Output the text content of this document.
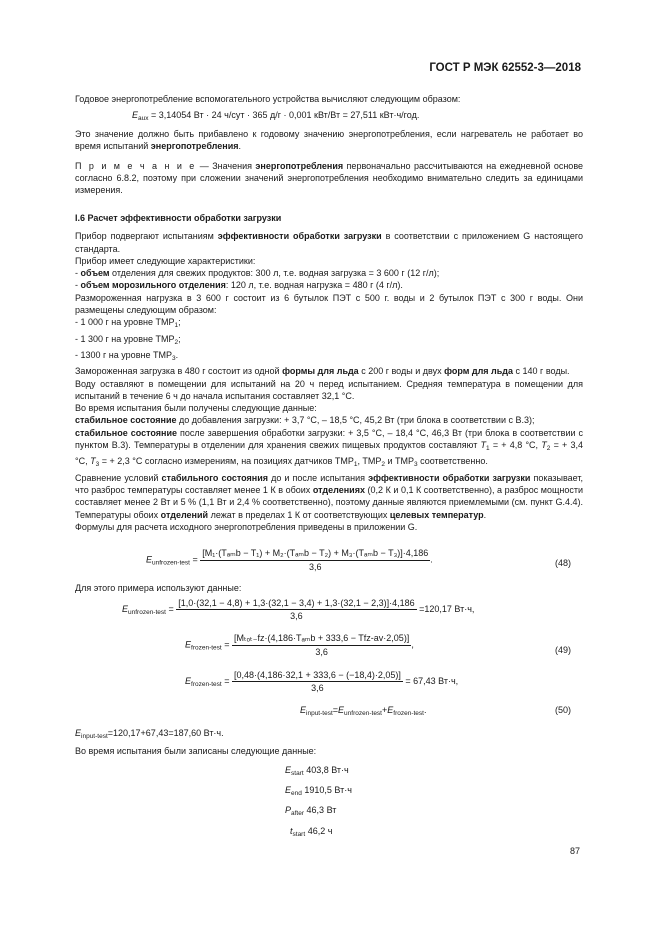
ГОСТ Р МЭК 62552-3—2018

Годовое энергопотребление вспомогательного устройства вычисляют следующим образом:

$E_{aux} = 3,14054$ Вт · 24 ч/сут · 365 д/г · 0,001 кВт/Вт = 27,511 кВт·ч/год.

Это значение должно быть прибавлено к годовому значению энергопотребления, если нагреватель не работает во время испытаний энергопотребления.

П р и м е ч а н и е — Значения энергопотребления первоначально рассчитываются на ежедневной основе согласно 6.8.2, поэтому при сложении значений энергопотребления необходимо внимательно следить за единицами измерения.

I.6 Расчет эффективности обработки загрузки

Прибор подвергают испытаниям эффективности обработки загрузки в соответствии с приложением G настоящего стандарта.

Прибор имеет следующие характеристики:

- объем отделения для свежих продуктов: 300 л, т.е. водная загрузка = 3 600 г (12 г/л);

- объем морозильного отделения: 120 л, т.е. водная нагрузка = 480 г (4 г/л).

Размороженная нагрузка в 3 600 г состоит из 6 бутылок ПЭТ с 500 г. воды и 2 бутылок ПЭТ с 300 г воды. Они размещены следующим образом:

- 1 000 г на уровне $TMP_1$;

- 1 300 г на уровне $TMP_2$;

- 1300 г на уровне $TMP_3$.

Замороженная загрузка в 480 г состоит из одной формы для льда с 200 г воды и двух форм для льда с 140 г воды.

Воду оставляют в помещении для испытаний на 20 ч перед испытанием. Средняя температура в помещении для испытаний в течение 6 ч до начала испытания составляет 32,1 °С.

Во время испытания были получены следующие данные:

стабильное состояние до добавления загрузки: + 3,7 °С, – 18,5 °С, 45,2 Вт (три блока в соответствии с В.3);

стабильное состояние после завершения обработки загрузки: + 3,5 °С, – 18,4 °С, 46,3 Вт (три блока в соответствии с пунктом В.3). Температуры в отделении для хранения свежих пищевых продуктов составляют $T_1$ = + 4,8 °С, $T_2$ = + 3,4 °С, $T_3$ = + 2,3 °С согласно измерениям, на позициях датчиков $TMP_1$, $TMP_2$ и $TMP_3$ соответственно.

Сравнение условий стабильного состояния до и после испытания эффективности обработки загрузки показывает, что разброс температуры составляет менее 1 К в обоих отделениях (0,2 К и 0,1 К соответственно), а разброс мощности составляет менее 2 Вт и 5 % (1,1 Вт и 2,4 % соответственно), поэтому данные являются приемлемыми (см. пункт G.4.4). Температуры обоих отделений лежат в пределах 1 К от соответствующих целевых температур.

Формулы для расчета исходного энергопотребления приведены в приложении G.

$E_{unfrozen-test} = \frac{\text{[M₁·(Tₐₘb − T₁) + M₂·(Tₐₘb − T₂) + M₃·(Tₐₘb − T₃)]·4,186}}{3,6}$ .	(48)

Для этого примера используют данные:

$E_{unfrozen-test}$ =
[1,0·(32,1 − 4,8) + 1,3·(32,1 − 3,4) + 1,3·(32,1 − 2,3)]·4,186
3,6
=120,17 Вт·ч,
$E_{frozen-test} = \frac{\text{[Mₜₒₜ₋fz·(4,186·Tₐₘb + 333,6 − Tfz-av·2,05)]}}{3,6}$ ,
(49)
$E_{frozen-test} = \frac{[0,48\cdot(4,186\cdot 32,1 + 333,6 - (-18,4)\cdot 2,05)]}{3,6} = 67,43$ Вт·ч,
$E_{input-test}=E_{unfrozen-test}+E_{frozen-test}$.	(50)
$E_{input-test}=120,17+67,43=187,60$ Вт·ч.

Во время испытания были записаны следующие данные:

$E_{start}$ 403,8 Вт·ч
$E_{end}$ 1910,5 Вт·ч
$P_{after}$ 46,3 Вт
$t_{start}$ 46,2 ч
87
